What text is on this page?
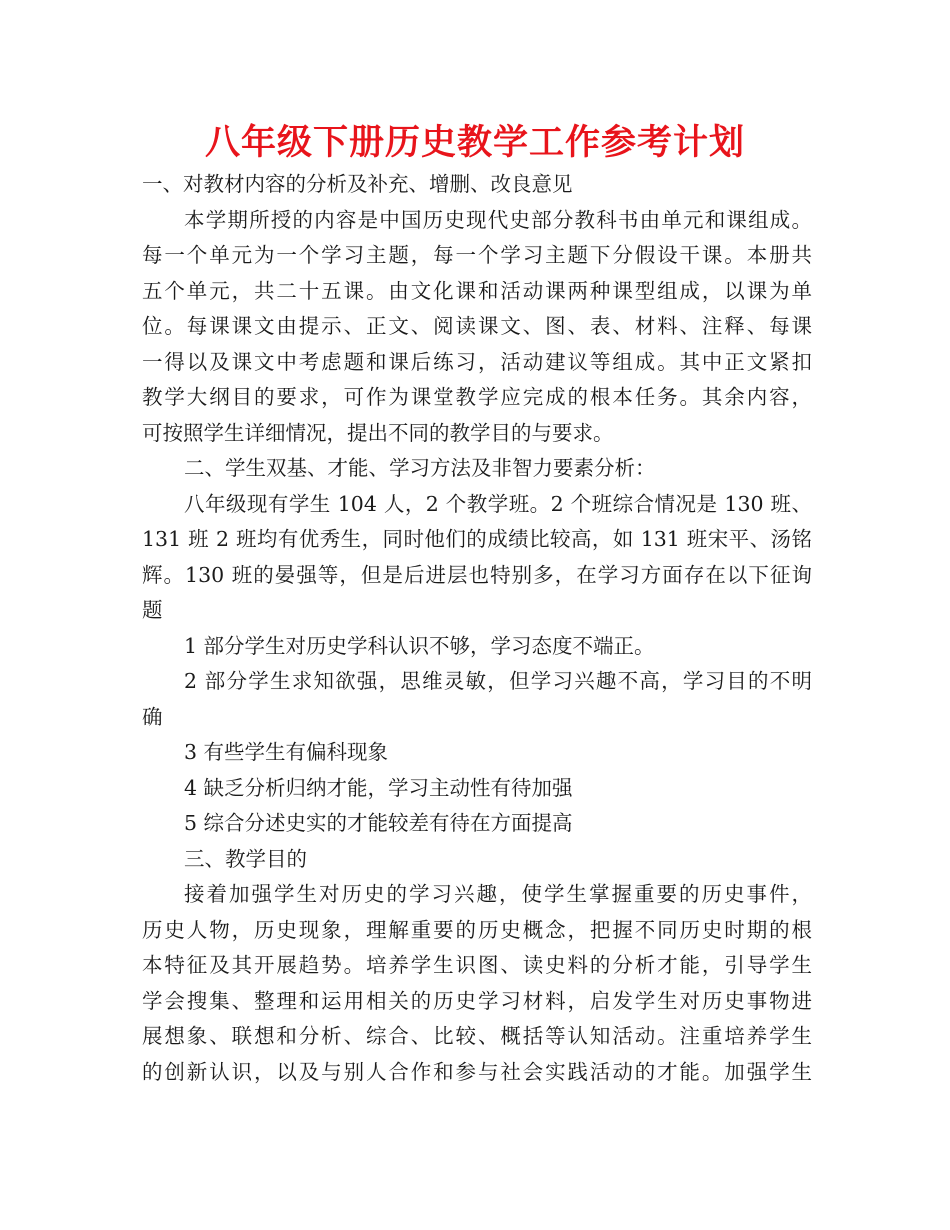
八年级下册历史教学工作参考计划
一、对教材内容的分析及补充、增删、改良意见
本学期所授的内容是中国历史现代史部分教科书由单元和课组成。
每一个单元为一个学习主题，每一个学习主题下分假设干课。本册共
五个单元，共二十五课。由文化课和活动课两种课型组成，以课为单
位。每课课文由提示、正文、阅读课文、图、表、材料、注释、每课
一得以及课文中考虑题和课后练习，活动建议等组成。其中正文紧扣
教学大纲目的要求，可作为课堂教学应完成的根本任务。其余内容，
可按照学生详细情况，提出不同的教学目的与要求。
二、学生双基、才能、学习方法及非智力要素分析：
八年级现有学生 104 人，2 个教学班。2 个班综合情况是 130 班、
131 班 2 班均有优秀生，同时他们的成绩比较高，如 131 班宋平、汤铭
辉。130 班的晏强等，但是后进层也特别多，在学习方面存在以下征询
题
1 部分学生对历史学科认识不够，学习态度不端正。
2 部分学生求知欲强，思维灵敏，但学习兴趣不高，学习目的不明
确
3 有些学生有偏科现象
4 缺乏分析归纳才能，学习主动性有待加强
5 综合分述史实的才能较差有待在方面提高
三、教学目的
接着加强学生对历史的学习兴趣，使学生掌握重要的历史事件，
历史人物，历史现象，理解重要的历史概念，把握不同历史时期的根
本特征及其开展趋势。培养学生识图、读史料的分析才能，引导学生
学会搜集、整理和运用相关的历史学习材料，启发学生对历史事物进
展想象、联想和分析、综合、比较、概括等认知活动。注重培养学生
的创新认识，以及与别人合作和参与社会实践活动的才能。加强学生
